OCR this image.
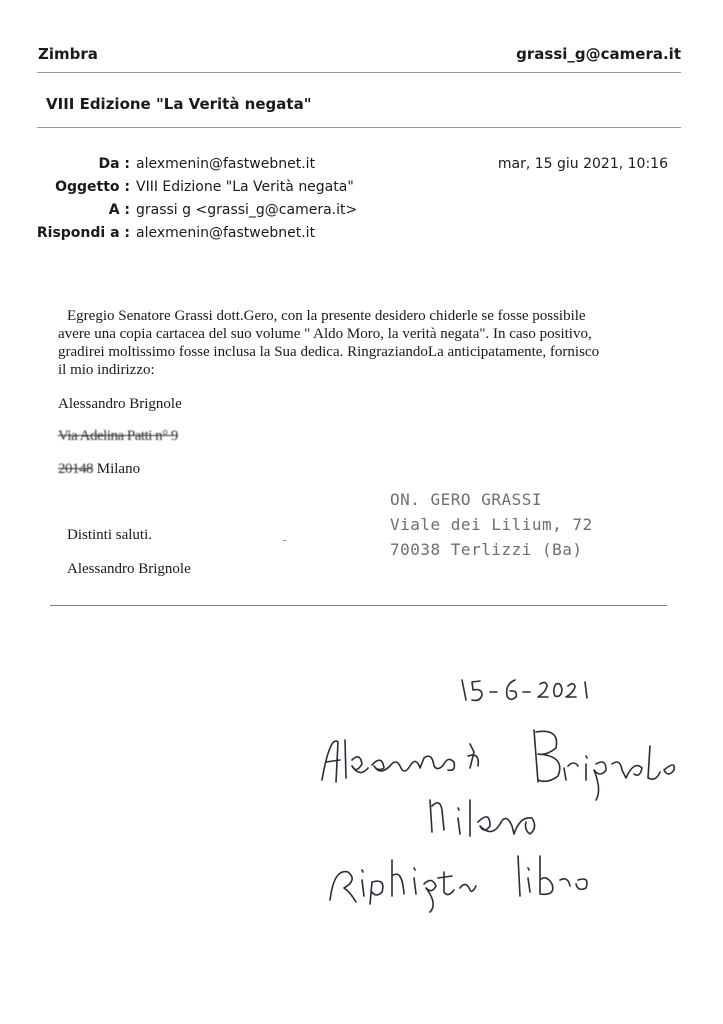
Zimbra	grassi_g@camera.it
VIII Edizione "La Verità negata"
Da : alexmenin@fastwebnet.it
Oggetto : VIII Edizione "La Verità negata"
A : grassi g <grassi_g@camera.it>
Rispondi a : alexmenin@fastwebnet.it
mar, 15 giu 2021, 10:16
Egregio Senatore Grassi dott.Gero, con la presente desidero chiderle se fosse possibile
avere una copia cartacea del suo volume " Aldo Moro, la verità negata". In caso positivo,
gradirei moltissimo fosse inclusa la Sua dedica. RingraziandoLa anticipatamente, fornisco
il mio indirizzo:
Alessandro Brignole
Via Adelina Patti n° 9
20148 Milano
Distinti saluti.
Alessandro Brignole
ON. GERO GRASSI
Viale dei Lilium, 72
70038 Terlizzi (Ba)
